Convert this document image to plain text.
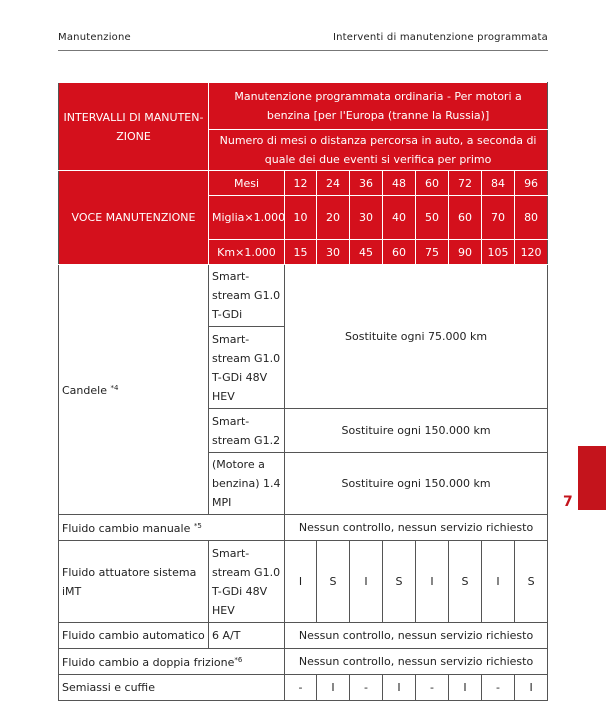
Manutenzione	Interventi di manutenzione programmata
7
INTERVALLI DI MANUTEN-ZIONE	Manutenzione programmata ordinaria - Per motori a benzina [per l'Europa (tranne la Russia)]								
	Numero di mesi o distanza percorsa in auto, a seconda di quale dei due eventi si verifica per primo								
VOCE MANUTENZIONE	Mesi	12	24	36	48	60	72	84	96
	Miglia×1.000	10	20	30	40	50	60	70	80
	Km×1.000	15	30	45	60	75	90	105	120
Candele $^{*4}$	Smart-stream G1.0 T-GDi	Sostituite ogni 75.000 km							
	Smart-stream G1.0 T-GDi 48V HEV								
	Smart-stream G1.2	Sostituire ogni 150.000 km							
	(Motore a benzina) 1.4 MPI	Sostituire ogni 150.000 km							
Fluido cambio manuale $^{*5}$		Nessun controllo, nessun servizio richiesto							
Fluido attuatore sistema iMT	Smart-stream G1.0 T-GDi 48V HEV	I	S	I	S	I	S	I	S
Fluido cambio automatico	6 A/T	Nessun controllo, nessun servizio richiesto							
Fluido cambio a doppia frizione$^{*6}$		Nessun controllo, nessun servizio richiesto							
Semiassi e cuffie		-	I	-	I	-	I	-	I
